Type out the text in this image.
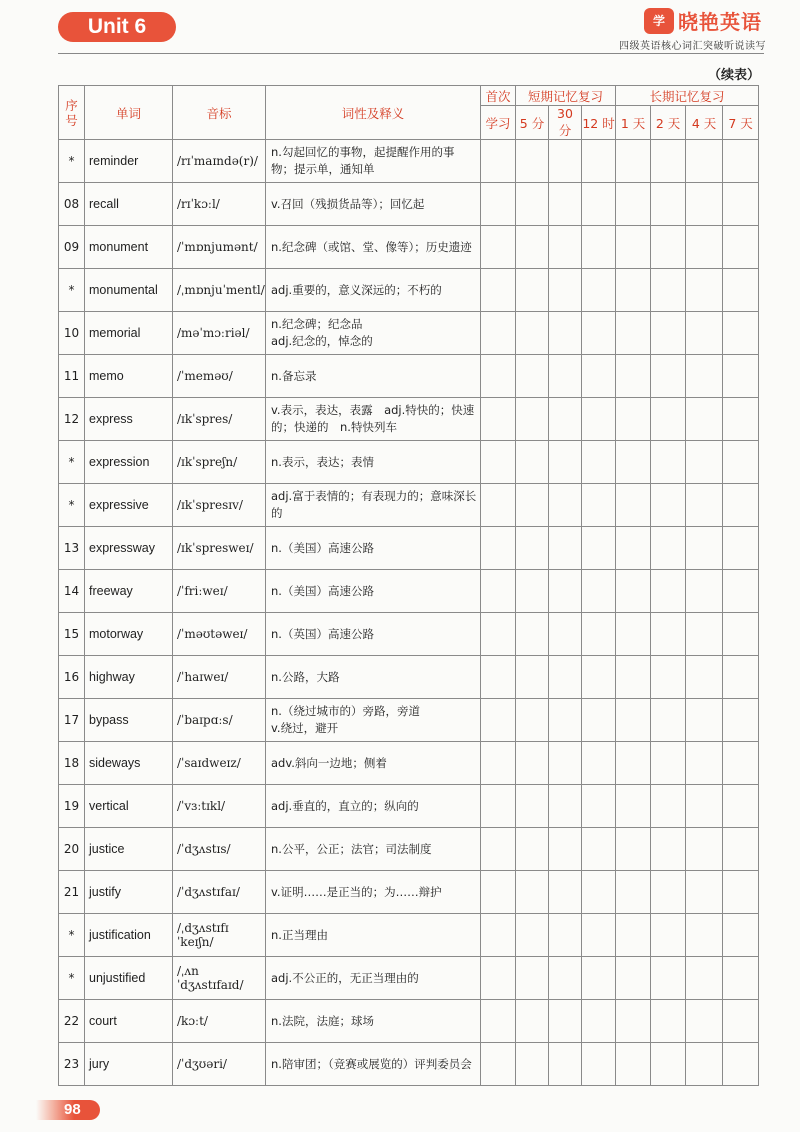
Unit 6	学 晓艳英语
四级英语核心词汇突破听说读写
（续表）
序号	单词	音标	词性及释义	首次	短期记忆复习			长期记忆复习			
				学习	5 分	30 分	12 时	1 天	2 天	4 天	7 天
*	reminder	/rɪˈmaɪndə(r)/	n.勾起回忆的事物，起提醒作用的事物；提示单，通知单								

08	recall	/rɪˈkɔːl/	v.召回（残损货品等）；回忆起								

09	monument	/ˈmɒnjumənt/	n.纪念碑（或馆、堂、像等）；历史遗迹								

*	monumental	/ˌmɒnjuˈmentl/	adj.重要的，意义深远的；不朽的								

10	memorial	/məˈmɔːriəl/	n.纪念碑；纪念品
adj.纪念的，悼念的								

11	memo	/ˈmeməʊ/	n.备忘录								

12	express	/ɪkˈspres/	v.表示，表达，表露　adj.特快的；快速的；快递的　n.特快列车								

*	expression	/ɪkˈspreʃn/	n.表示，表达；表情								

*	expressive	/ɪkˈspresɪv/	adj.富于表情的；有表现力的；意味深长的								

13	expressway	/ɪkˈspresweɪ/	n.（美国）高速公路								

14	freeway	/ˈfriːweɪ/	n.（美国）高速公路								

15	motorway	/ˈməʊtəweɪ/	n.（英国）高速公路								

16	highway	/ˈhaɪweɪ/	n.公路，大路								

17	bypass	/ˈbaɪpɑːs/	n.（绕过城市的）旁路，旁道
v.绕过，避开								

18	sideways	/ˈsaɪdweɪz/	adv.斜向一边地；侧着								

19	vertical	/ˈvɜːtɪkl/	adj.垂直的，直立的；纵向的								

20	justice	/ˈdʒʌstɪs/	n.公平，公正；法官；司法制度								

21	justify	/ˈdʒʌstɪfaɪ/	v.证明……是正当的；为……辩护								

*	justification	/ˌdʒʌstɪfɪˈkeɪʃn/	n.正当理由								

*	unjustified	/ˌʌnˈdʒʌstɪfaɪd/	adj.不公正的，无正当理由的								

22	court	/kɔːt/	n.法院，法庭；球场								

23	jury	/ˈdʒʊəri/	n.陪审团；（竞赛或展览的）评判委员会								

98
